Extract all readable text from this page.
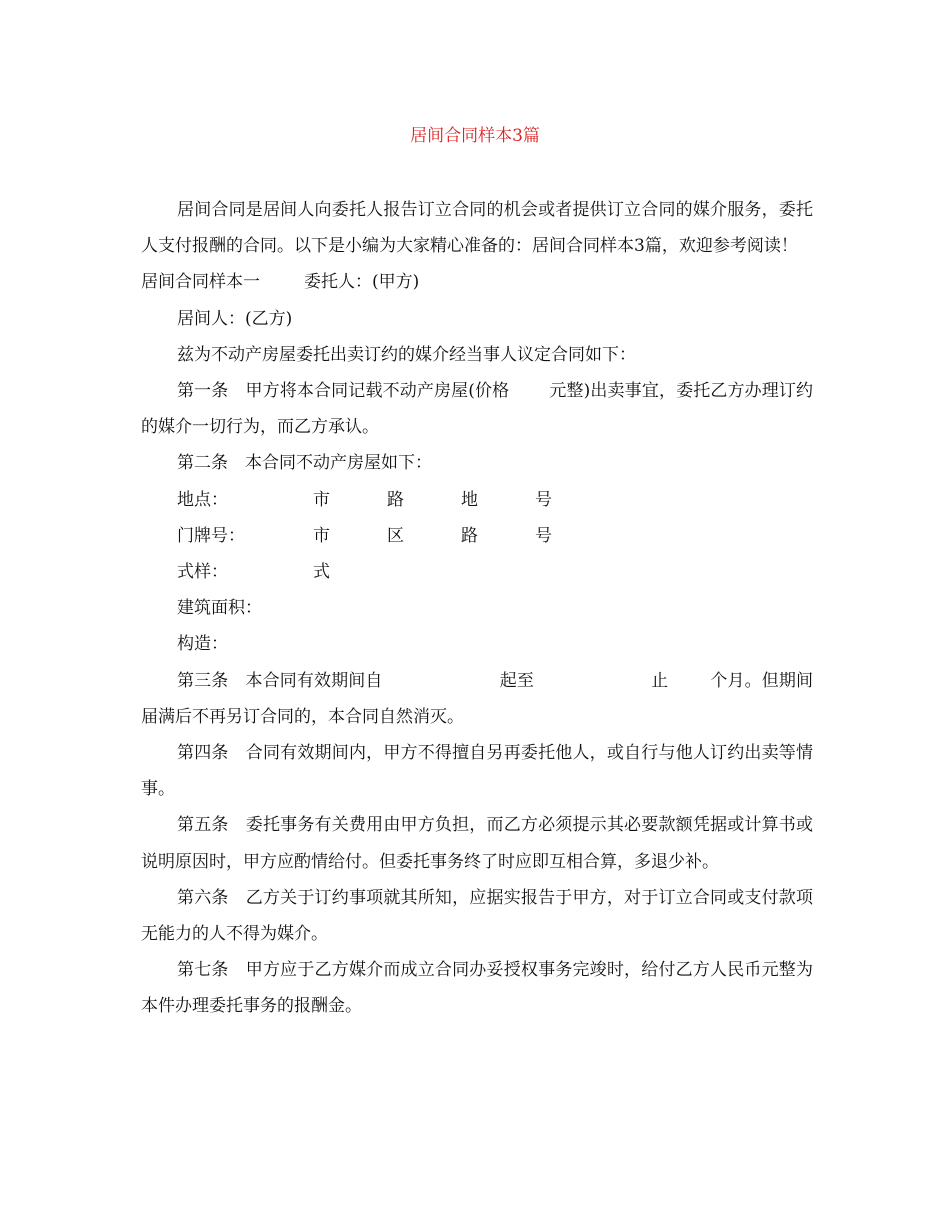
居间合同样本3篇

居间合同是居间人向委托人报告订立合同的机会或者提供订立合同的媒介服务，委托人支付报酬的合同。以下是小编为大家精心准备的：居间合同样本3篇，欢迎参考阅读！

居间合同样本一	委托人：(甲方)

居间人：(乙方)

兹为不动产房屋委托出卖订约的媒介经当事人议定合同如下：

第一条　甲方将本合同记载不动产房屋(价格 元整)出卖事宜，委托乙方办理订约的媒介一切行为，而乙方承认。

第二条　本合同不动产房屋如下：

地点：	市	路	地	号
门牌号：	市	区	路	号
式样：	式

建筑面积：

构造：

第三条　本合同有效期间自	起至	止 个月。但期间届满后不再另订合同的，本合同自然消灭。

第四条　合同有效期间内，甲方不得擅自另再委托他人，或自行与他人订约出卖等情事。

第五条　委托事务有关费用由甲方负担，而乙方必须提示其必要款额凭据或计算书或说明原因时，甲方应酌情给付。但委托事务终了时应即互相合算，多退少补。

第六条　乙方关于订约事项就其所知，应据实报告于甲方，对于订立合同或支付款项无能力的人不得为媒介。

第七条　甲方应于乙方媒介而成立合同办妥授权事务完竣时，给付乙方人民币元整为本件办理委托事务的报酬金。
